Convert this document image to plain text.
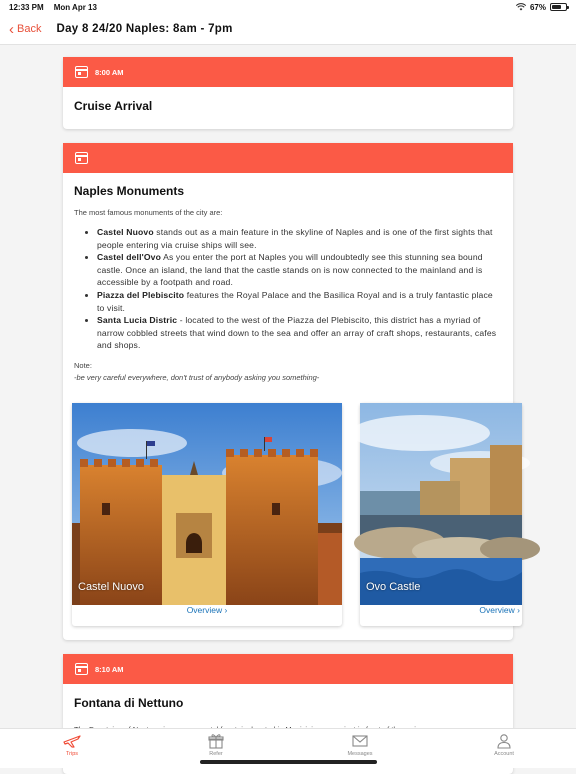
12:33 PM Mon Apr 13	67%
‹ Back Day 8 24/20 Naples: 8am - 7pm
8:00 AM
Cruise Arrival
Naples Monuments
The most famous monuments of the city are:
• Castel Nuovo stands out as a main feature in the skyline of Naples and is one of the first sights that people entering via cruise ships will see.
• Castel dell'Ovo As you enter the port at Naples you will undoubtedly see this stunning sea bound castle. Once an island, the land that the castle stands on is now connected to the mainland and is accessible by a footpath and road.
• Piazza del Plebiscito features the Royal Palace and the Basilica Royal and is a truly fantastic place to visit.
• Santa Lucia Distric - located to the west of the Piazza del Plebiscito, this district has a myriad of narrow cobbled streets that wind down to the sea and offer an array of craft shops, restaurants, cafes and shops.
Note:
-be very careful everywhere, don't trust of anybody asking you something-
Castel Nuovo
Overview ›
Ovo Castle
Overview ›
8:10 AM
Fontana di Nettuno
Trips	Refer	Messages	Account
